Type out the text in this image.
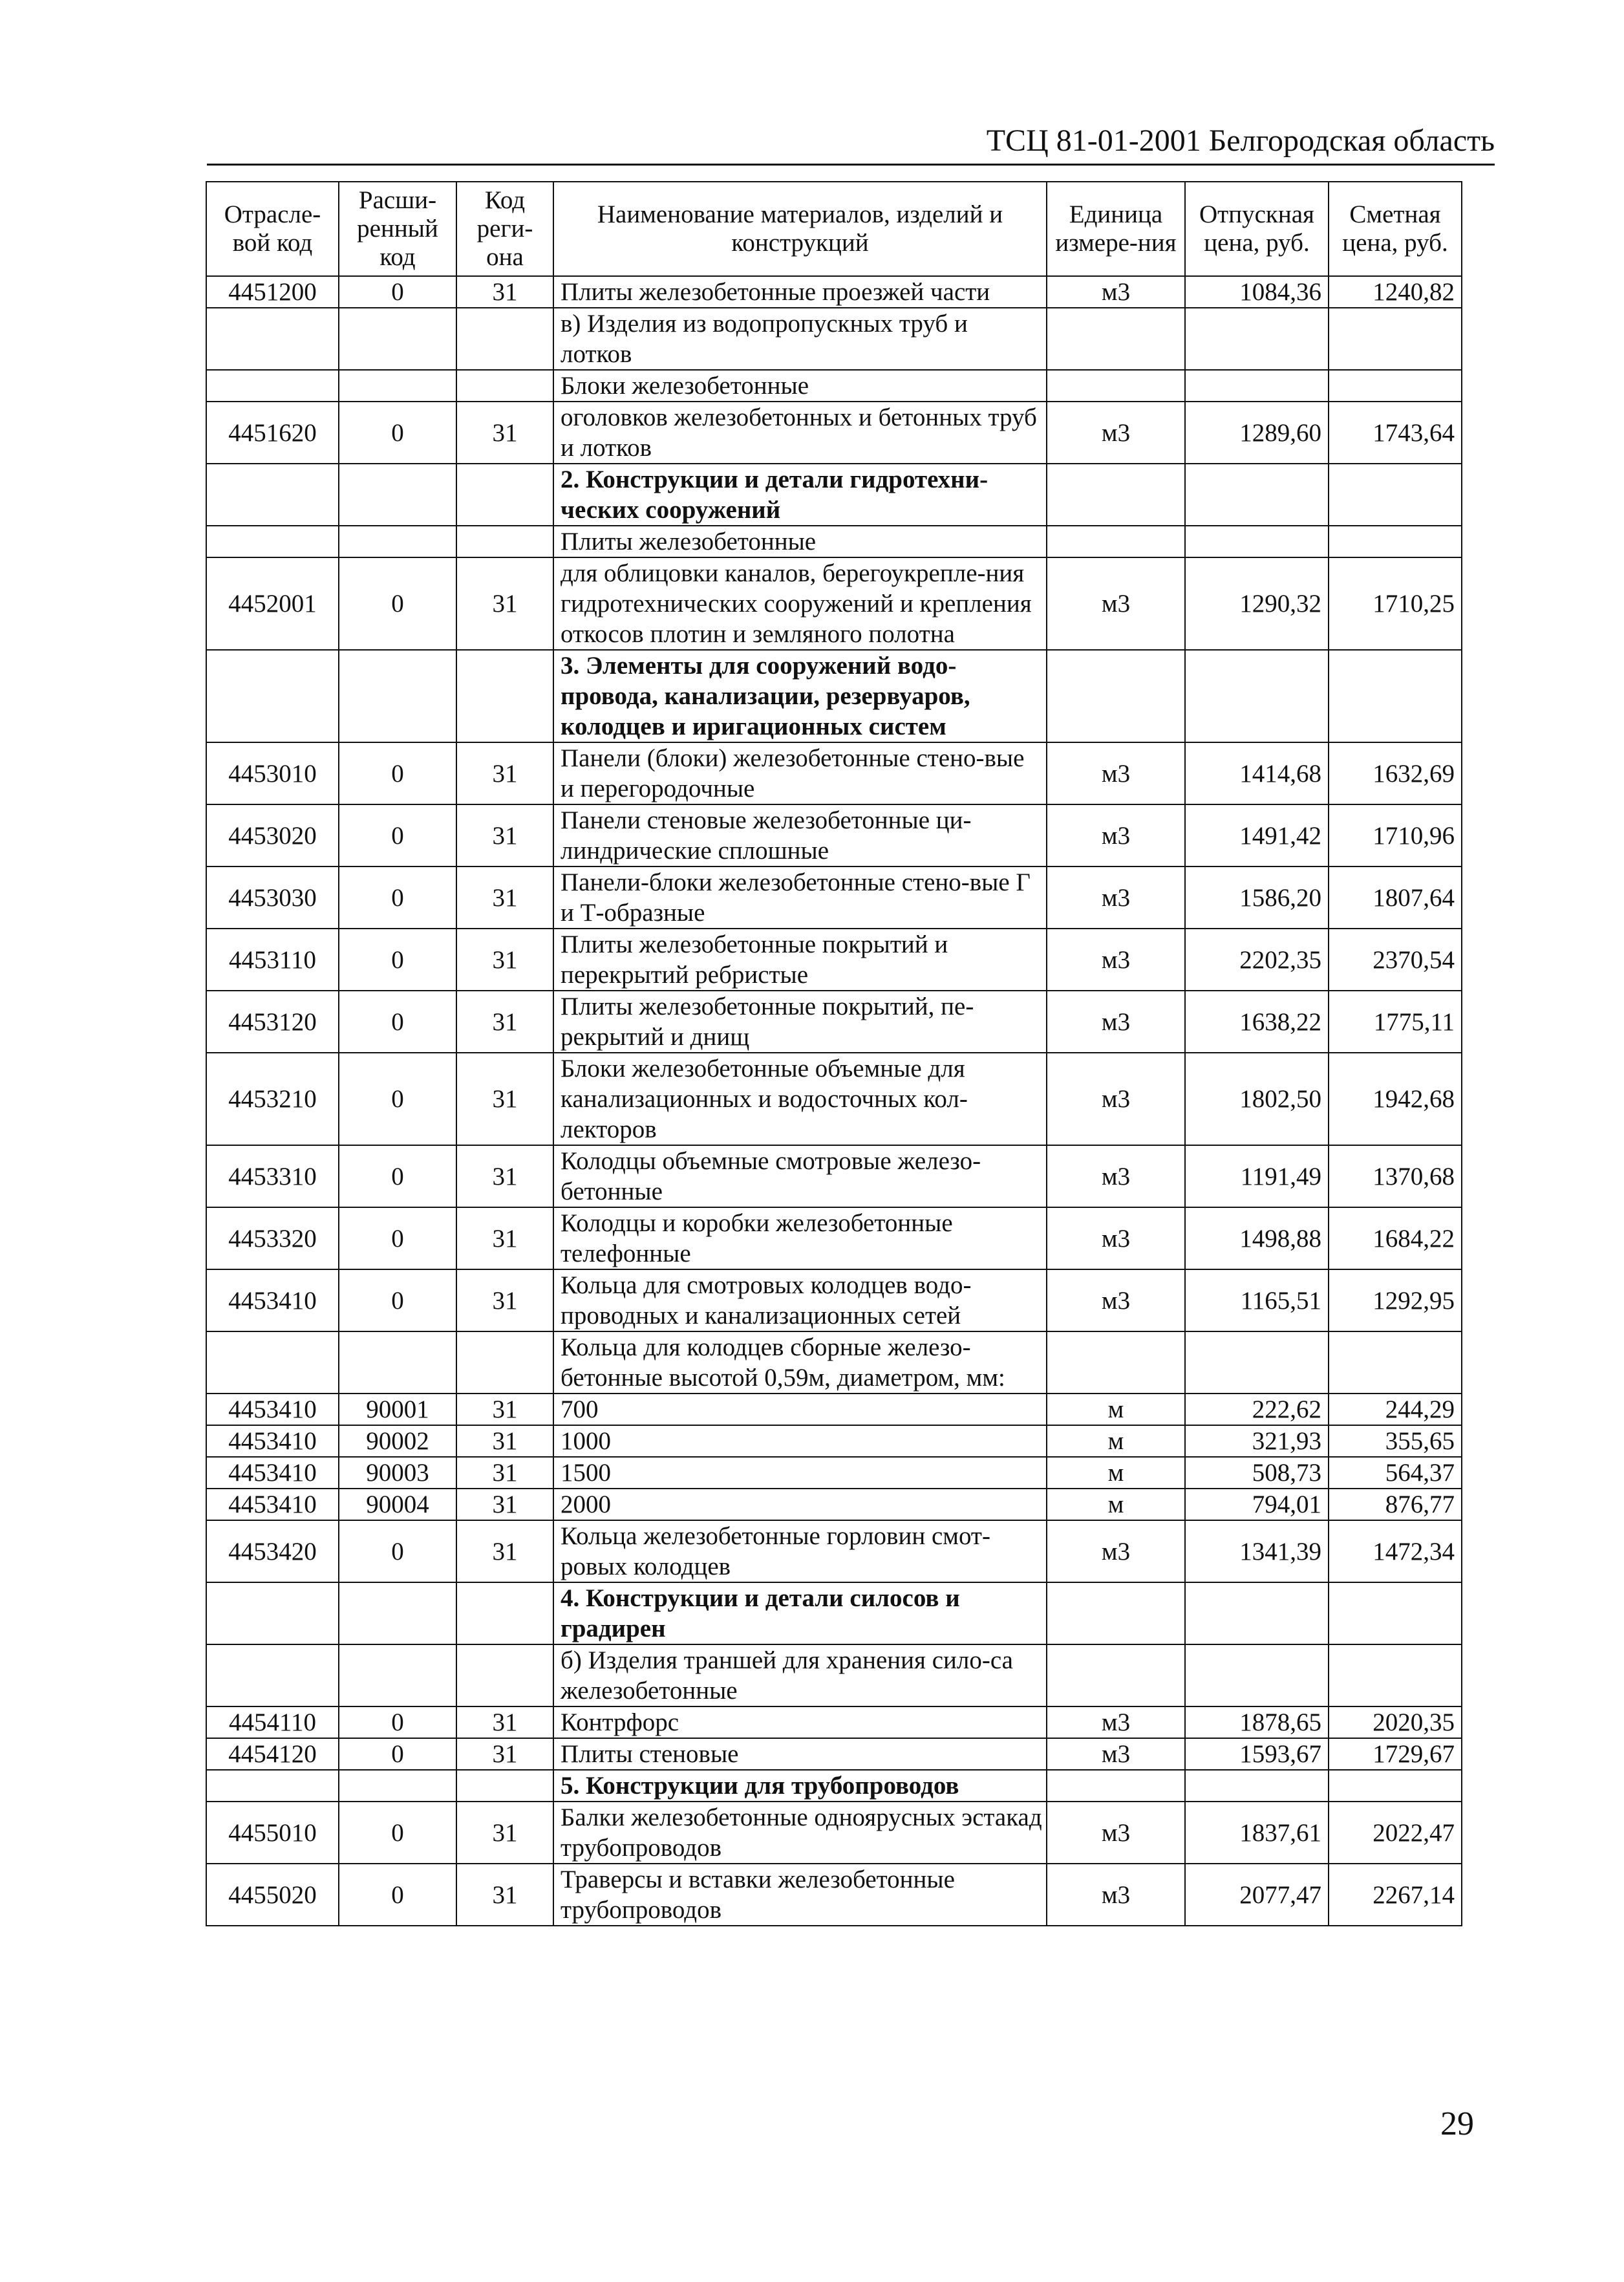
ТСЦ 81-01-2001 Белгородская область
Отрасле-вой код	Расши-ренный код	Код реги-она	Наименование материалов, изделий и конструкций	Единица измере-ния	Отпускная цена, руб.	Сметная цена, руб.
4451200	0	31	Плиты железобетонные проезжей части	м3	1084,36	1240,82
			в) Изделия из водопропускных труб и лотков			
			Блоки железобетонные			
4451620	0	31	оголовков железобетонных и бетонных труб и лотков	м3	1289,60	1743,64
			2. Конструкции и детали гидротехни-ческих сооружений			
			Плиты железобетонные			
4452001	0	31	для облицовки каналов, берегоукрепле-ния гидротехнических сооружений и крепления откосов плотин и земляного полотна	м3	1290,32	1710,25
			3. Элементы для сооружений водо-провода, канализации, резервуаров, колодцев и иригационных систем			
4453010	0	31	Панели (блоки) железобетонные стено-вые и перегородочные	м3	1414,68	1632,69
4453020	0	31	Панели стеновые железобетонные ци-линдрические сплошные	м3	1491,42	1710,96
4453030	0	31	Панели-блоки железобетонные стено-вые Г и Т-образные	м3	1586,20	1807,64
4453110	0	31	Плиты железобетонные покрытий и перекрытий ребристые	м3	2202,35	2370,54
4453120	0	31	Плиты железобетонные покрытий, пе-рекрытий и днищ	м3	1638,22	1775,11
4453210	0	31	Блоки железобетонные объемные для канализационных и водосточных кол-лекторов	м3	1802,50	1942,68
4453310	0	31	Колодцы объемные смотровые железо-бетонные	м3	1191,49	1370,68
4453320	0	31	Колодцы и коробки железобетонные телефонные	м3	1498,88	1684,22
4453410	0	31	Кольца для смотровых колодцев водо-проводных и канализационных сетей	м3	1165,51	1292,95
			Кольца для колодцев сборные железо-бетонные высотой 0,59м, диаметром, мм:			
4453410	90001	31	700	м	222,62	244,29
4453410	90002	31	1000	м	321,93	355,65
4453410	90003	31	1500	м	508,73	564,37
4453410	90004	31	2000	м	794,01	876,77
4453420	0	31	Кольца железобетонные горловин смот-ровых колодцев	м3	1341,39	1472,34
			4. Конструкции и детали силосов и градирен			
			б) Изделия траншей для хранения сило-са железобетонные			
4454110	0	31	Контрфорс	м3	1878,65	2020,35
4454120	0	31	Плиты стеновые	м3	1593,67	1729,67
			5. Конструкции для трубопроводов			
4455010	0	31	Балки железобетонные одноярусных эстакад трубопроводов	м3	1837,61	2022,47
4455020	0	31	Траверсы и вставки железобетонные трубопроводов	м3	2077,47	2267,14
29
